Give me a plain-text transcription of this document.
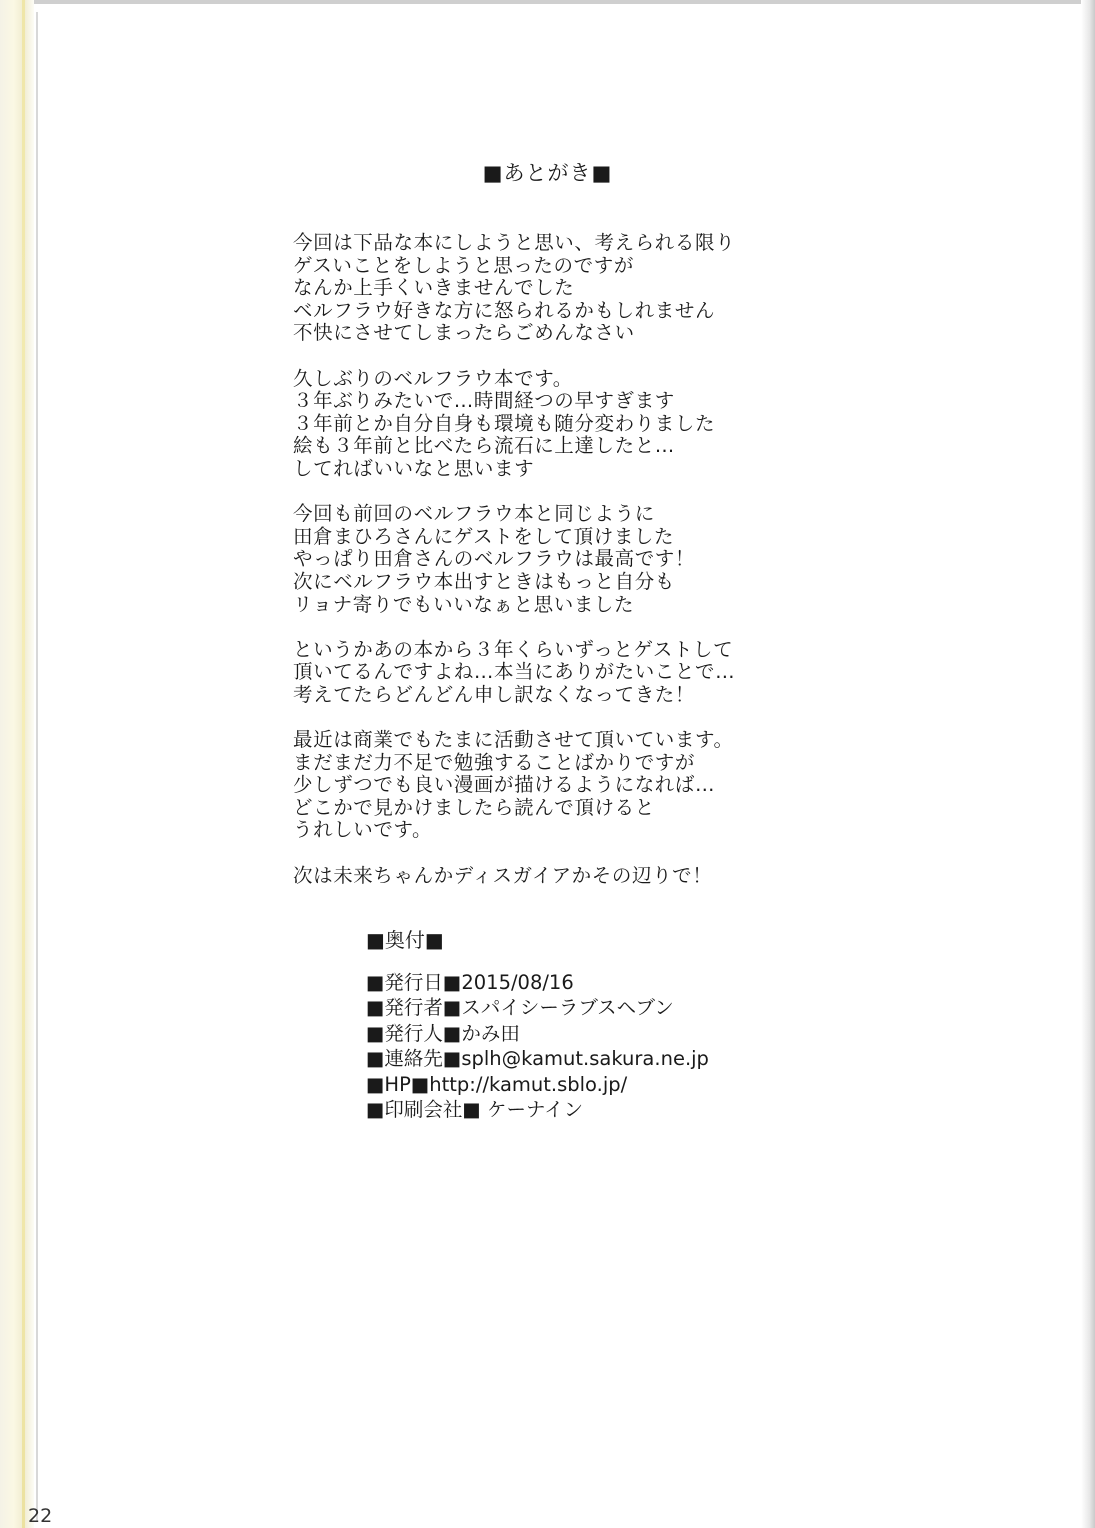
■あとがき■
今回は下品な本にしようと思い、考えられる限り
ゲスいことをしようと思ったのですが
なんか上手くいきませんでした
ベルフラウ好きな方に怒られるかもしれません
不快にさせてしまったらごめんなさい
久しぶりのベルフラウ本です。
３年ぶりみたいで…時間経つの早すぎます
３年前とか自分自身も環境も随分変わりました
絵も３年前と比べたら流石に上達したと…
してればいいなと思います
今回も前回のベルフラウ本と同じように
田倉まひろさんにゲストをして頂けました
やっぱり田倉さんのベルフラウは最高です！
次にベルフラウ本出すときはもっと自分も
リョナ寄りでもいいなぁと思いました
というかあの本から３年くらいずっとゲストして
頂いてるんですよね…本当にありがたいことで…
考えてたらどんどん申し訳なくなってきた！
最近は商業でもたまに活動させて頂いています。
まだまだ力不足で勉強することばかりですが
少しずつでも良い漫画が描けるようになれば…
どこかで見かけましたら読んで頂けると
うれしいです。
次は未来ちゃんかディスガイアかその辺りで！
■奥付■
■発行日■2015/08/16
■発行者■スパイシーラブスヘブン
■発行人■かみ田
■連絡先■splh@kamut.sakura.ne.jp
■HP■http://kamut.sblo.jp/
■印刷会社■ ケーナイン
22
